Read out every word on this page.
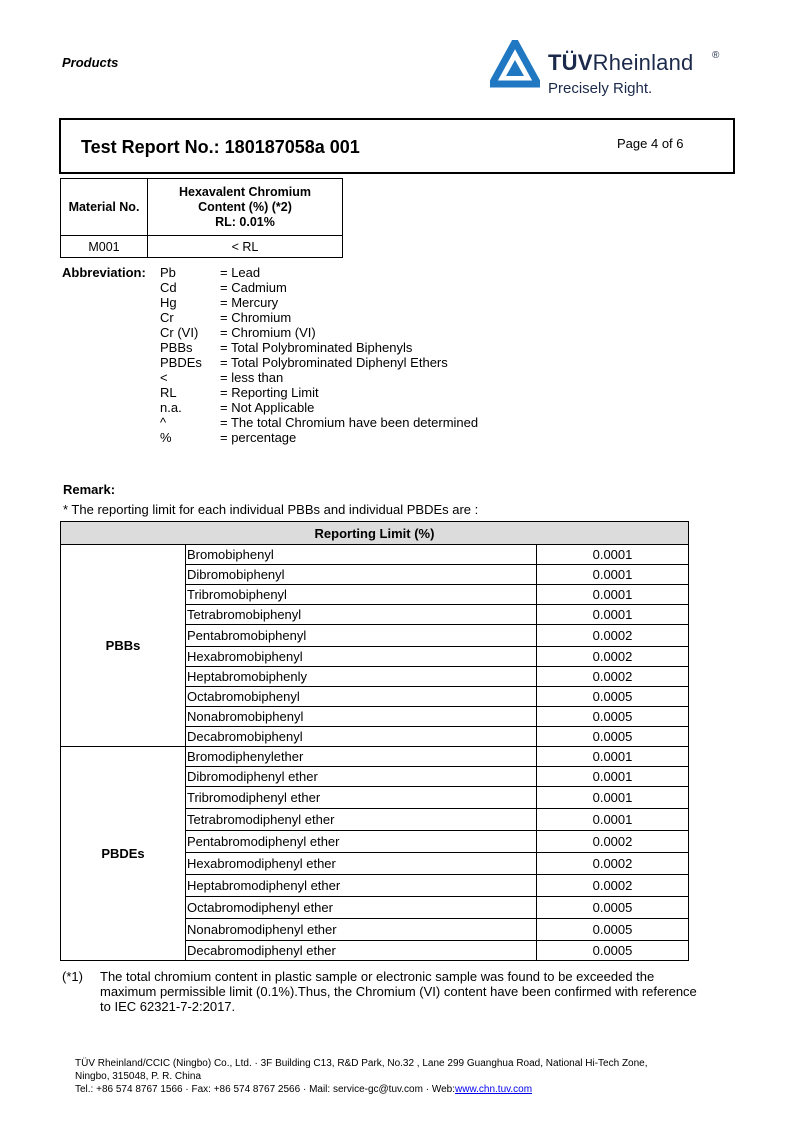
Products	TÜVRheinland ®
Precisely Right.
Test Report No.: 180187058a 001	Page 4 of 6
Material No.	Hexavalent Chromium
Content (%) (*2)
RL: 0.01%
M001	< RL
Abbreviation: Pb	= Lead
Cd	= Cadmium
Hg	= Mercury
Cr	= Chromium
Cr (VI) = Chromium (VI)
PBBs = Total Polybrominated Biphenyls
PBDEs = Total Polybrominated Diphenyl Ethers
<	= less than
RL	= Reporting Limit
n.a.	= Not Applicable
^	= The total Chromium have been determined
%	= percentage
Remark:
* The reporting limit for each individual PBBs and individual PBDEs are :
Reporting Limit (%)		
PBBs	Bromobiphenyl	0.0001
	Dibromobiphenyl	0.0001
	Tribromobiphenyl	0.0001
	Tetrabromobiphenyl	0.0001
	Pentabromobiphenyl	0.0002
	Hexabromobiphenyl	0.0002
	Heptabromobiphenly	0.0002
	Octabromobiphenyl	0.0005
	Nonabromobiphenyl	0.0005
	Decabromobiphenyl	0.0005
PBDEs	Bromodiphenylether	0.0001
	Dibromodiphenyl ether	0.0001
	Tribromodiphenyl ether	0.0001
	Tetrabromodiphenyl ether	0.0001
	Pentabromodiphenyl ether	0.0002
	Hexabromodiphenyl ether	0.0002
	Heptabromodiphenyl ether	0.0002
	Octabromodiphenyl ether	0.0005
	Nonabromodiphenyl ether	0.0005
	Decabromodiphenyl ether	0.0005
(*1) The total chromium content in plastic sample or electronic sample was found to be exceeded the maximum permissible limit (0.1%).Thus, the Chromium (VI) content have been confirmed with reference to IEC 62321-7-2:2017.
TÜV Rheinland/CCIC (Ningbo) Co., Ltd. · 3F Building C13, R&D Park, No.32 , Lane 299 Guanghua Road, National Hi-Tech Zone,
Ningbo, 315048, P. R. China
Tel.: +86 574 8767 1566 · Fax: +86 574 8767 2566 · Mail: service-gc@tuv.com · Web:www.chn.tuv.com
